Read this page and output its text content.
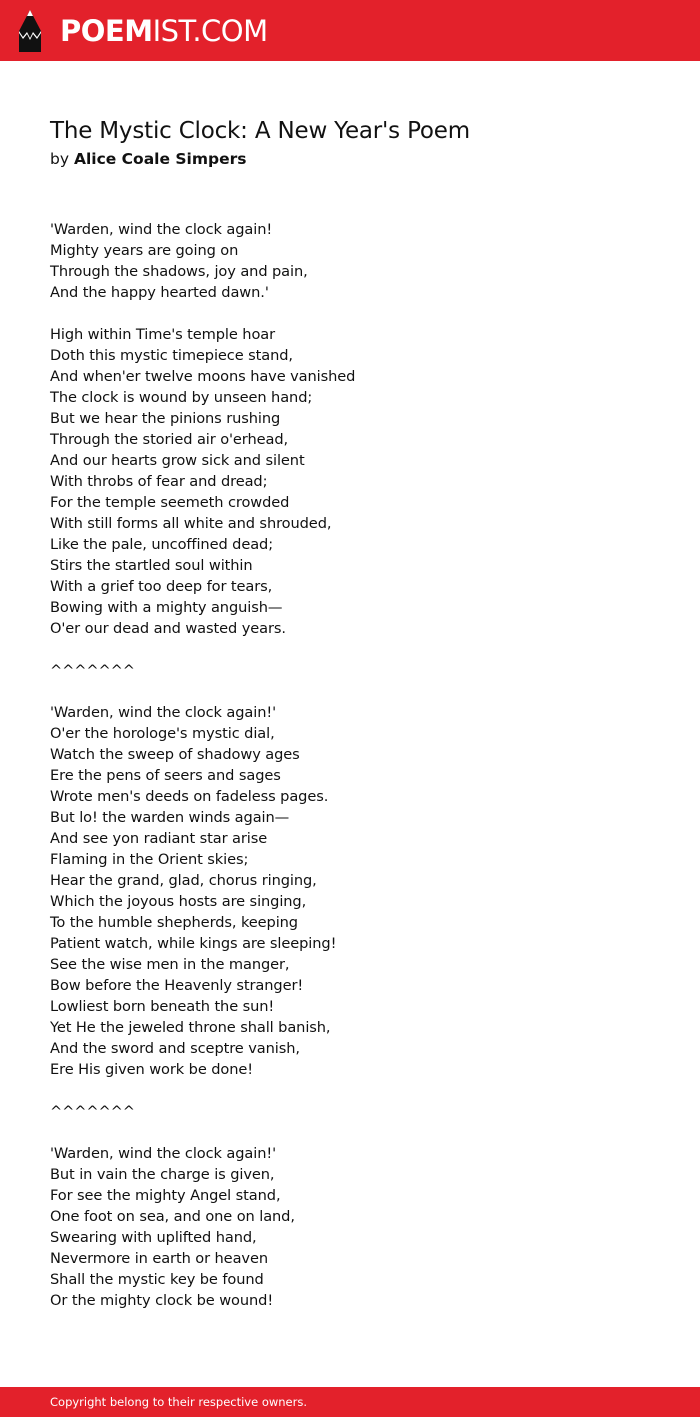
POEMIST.COM
The Mystic Clock: A New Year's Poem
by Alice Coale Simpers
'Warden, wind the clock again!
Mighty years are going on
Through the shadows, joy and pain,
And the happy hearted dawn.'
High within Time's temple hoar
Doth this mystic timepiece stand,
And when'er twelve moons have vanished
The clock is wound by unseen hand;
But we hear the pinions rushing
Through the storied air o'erhead,
And our hearts grow sick and silent
With throbs of fear and dread;
For the temple seemeth crowded
With still forms all white and shrouded,
Like the pale, uncoffined dead;
Stirs the startled soul within
With a grief too deep for tears,
Bowing with a mighty anguish—
O'er our dead and wasted years.
^^^^^^^
'Warden, wind the clock again!'
O'er the horologe's mystic dial,
Watch the sweep of shadowy ages
Ere the pens of seers and sages
Wrote men's deeds on fadeless pages.
But lo! the warden winds again—
And see yon radiant star arise
Flaming in the Orient skies;
Hear the grand, glad, chorus ringing,
Which the joyous hosts are singing,
To the humble shepherds, keeping
Patient watch, while kings are sleeping!
See the wise men in the manger,
Bow before the Heavenly stranger!
Lowliest born beneath the sun!
Yet He the jeweled throne shall banish,
And the sword and sceptre vanish,
Ere His given work be done!
^^^^^^^
'Warden, wind the clock again!'
But in vain the charge is given,
For see the mighty Angel stand,
One foot on sea, and one on land,
Swearing with uplifted hand,
Nevermore in earth or heaven
Shall the mystic key be found
Or the mighty clock be wound!
Copyright belong to their respective owners.
